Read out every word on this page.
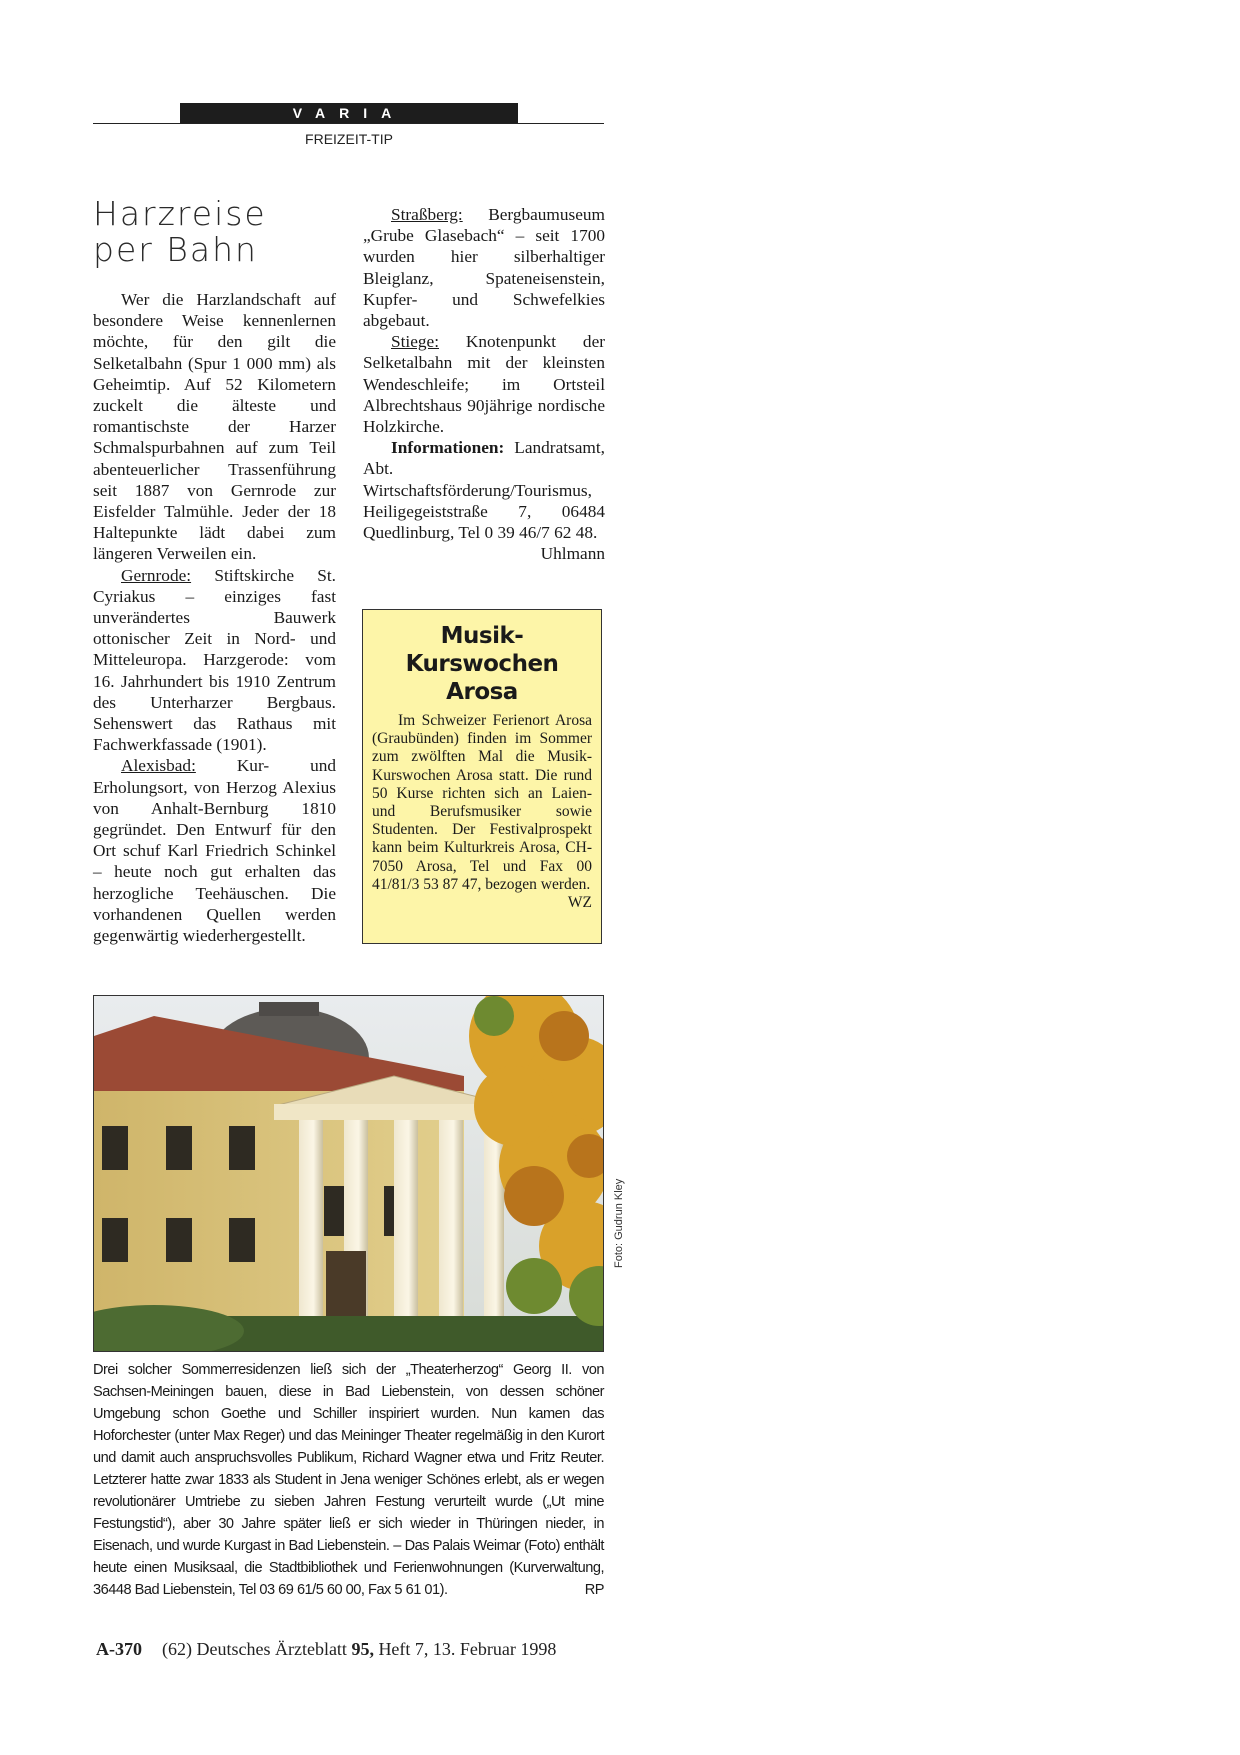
VARIA
FREIZEIT-TIP
Harzreise
per Bahn

Wer die Harzlandschaft auf besondere Weise kennenlernen möchte, für den gilt die Selketalbahn (Spur 1 000 mm) als Geheimtip. Auf 52 Kilometern zuckelt die älteste und romantischste der Harzer Schmalspurbahnen auf zum Teil abenteuerlicher Trassenführung seit 1887 von Gernrode zur Eisfelder Talmühle. Jeder der 18 Haltepunkte lädt dabei zum längeren Verweilen ein.

Gernrode: Stiftskirche St. Cyriakus – einziges fast unverändertes Bauwerk ottonischer Zeit in Nord- und Mitteleuropa. Harzgerode: vom 16. Jahrhundert bis 1910 Zentrum des Unterharzer Bergbaus. Sehenswert das Rathaus mit Fachwerkfassade (1901).

Alexisbad: Kur- und Erholungsort, von Herzog Alexius von Anhalt-Bernburg 1810 gegründet. Den Entwurf für den Ort schuf Karl Friedrich Schinkel – heute noch gut erhalten das herzogliche Teehäuschen. Die vorhandenen Quellen werden gegenwärtig wiederhergestellt.

Straßberg: Bergbaumuseum „Grube Glasebach“ – seit 1700 wurden hier silberhaltiger Bleiglanz, Spateneisenstein, Kupfer- und Schwefelkies abgebaut.

Stiege: Knotenpunkt der Selketalbahn mit der kleinsten Wendeschleife; im Ortsteil Albrechtshaus 90jährige nordische Holzkirche.

Informationen: Landratsamt, Abt. Wirtschaftsförderung/Tourismus, Heiligegeiststraße 7, 06484 Quedlinburg, Tel 0 39 46/7 62 48.
Uhlmann

Musik-
Kurswochen
Arosa

Im Schweizer Ferienort Arosa (Graubünden) finden im Sommer zum zwölften Mal die Musik-Kurswochen Arosa statt. Die rund 50 Kurse richten sich an Laien- und Berufsmusiker sowie Studenten. Der Festivalprospekt kann beim Kulturkreis Arosa, CH-7050 Arosa, Tel und Fax 00 41/81/3 53 87 47, bezogen werden.
WZ

Foto: Gudrun Kley
Drei solcher Sommerresidenzen ließ sich der „Theaterherzog“ Georg II. von Sachsen-Meiningen bauen, diese in Bad Liebenstein, von dessen schöner Umgebung schon Goethe und Schiller inspiriert wurden. Nun kamen das Hoforchester (unter Max Reger) und das Meininger Theater regelmäßig in den Kurort und damit auch anspruchsvolles Publikum, Richard Wagner etwa und Fritz Reuter. Letzterer hatte zwar 1833 als Student in Jena weniger Schönes erlebt, als er wegen revolutionärer Umtriebe zu sieben Jahren Festung verurteilt wurde („Ut mine Festungstid“), aber 30 Jahre später ließ er sich wieder in Thüringen nieder, in Eisenach, und wurde Kurgast in Bad Liebenstein. – Das Palais Weimar (Foto) enthält heute einen Musiksaal, die Stadtbibliothek und Ferienwohnungen (Kurverwaltung, 36448 Bad Liebenstein, Tel 03 69 61/5 60 00, Fax 5 61 01).	RP
A-370 (62) Deutsches Ärzteblatt 95, Heft 7, 13. Februar 1998
